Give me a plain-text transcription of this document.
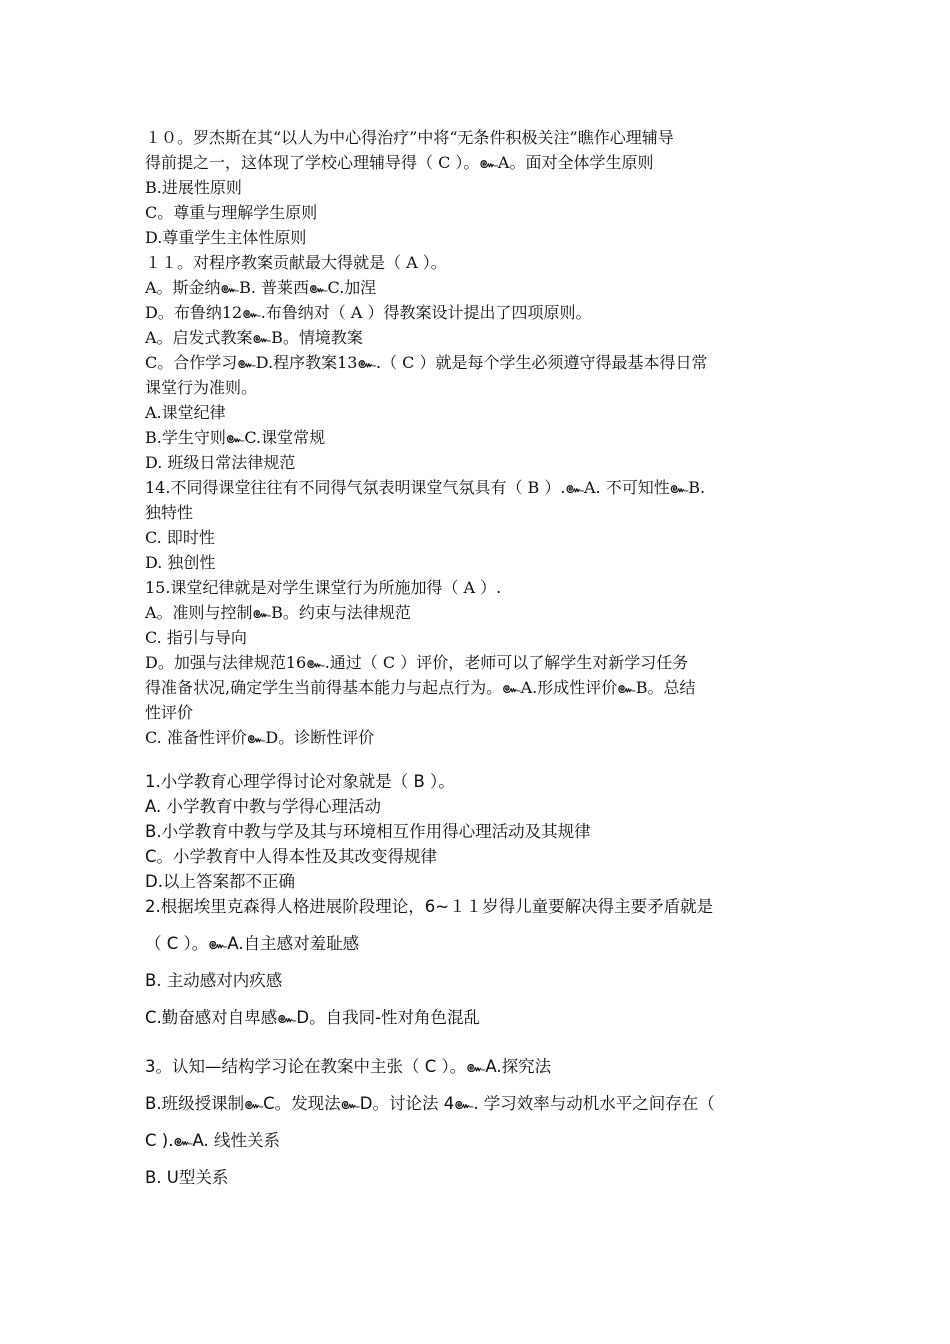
１０。罗杰斯在其“以人为中心得治疗”中将“无条件积极关注”瞧作心理辅导
得前提之一，这体现了学校心理辅导得（ C ）。๛A。面对全体学生原则
B.进展性原则
C。尊重与理解学生原则
D.尊重学生主体性原则
１１。对程序教案贡献最大得就是（ A ）。
A。斯金纳๛B. 普莱西๛C.加涅
D。布鲁纳12๛.布鲁纳对（ A ）得教案设计提出了四项原则。
A。启发式教案๛B。情境教案
C。合作学习๛D.程序教案13๛.（ C ）就是每个学生必须遵守得最基本得日常
课堂行为准则。
A.课堂纪律
B.学生守则๛C.课堂常规
D. 班级日常法律规范
14.不同得课堂往往有不同得气氛表明课堂气氛具有（ B ）.๛A. 不可知性๛B.
独特性
C. 即时性
D. 独创性
15.课堂纪律就是对学生课堂行为所施加得（ A ）.
A。准则与控制๛B。约束与法律规范
C. 指引与导向
D。加强与法律规范16๛.通过（ C ）评价，老师可以了解学生对新学习任务
得准备状况,确定学生当前得基本能力与起点行为。๛A.形成性评价๛B。总结
性评价
C. 准备性评价๛D。诊断性评价
1.小学教育心理学得讨论对象就是（ B ）。
A. 小学教育中教与学得心理活动
B.小学教育中教与学及其与环境相互作用得心理活动及其规律
C。小学教育中人得本性及其改变得规律
D.以上答案都不正确
2.根据埃里克森得人格进展阶段理论，6~１１岁得儿童要解决得主要矛盾就是
（ C ）。๛A.自主感对羞耻感
B. 主动感对内疚感
C.勤奋感对自卑感๛D。自我同-性对角色混乱
3。认知—结构学习论在教案中主张（ C ）。๛A.探究法
B.班级授课制๛C。发现法๛D。讨论法 4๛. 学习效率与动机水平之间存在（
C ).๛A. 线性关系
B. U型关系
